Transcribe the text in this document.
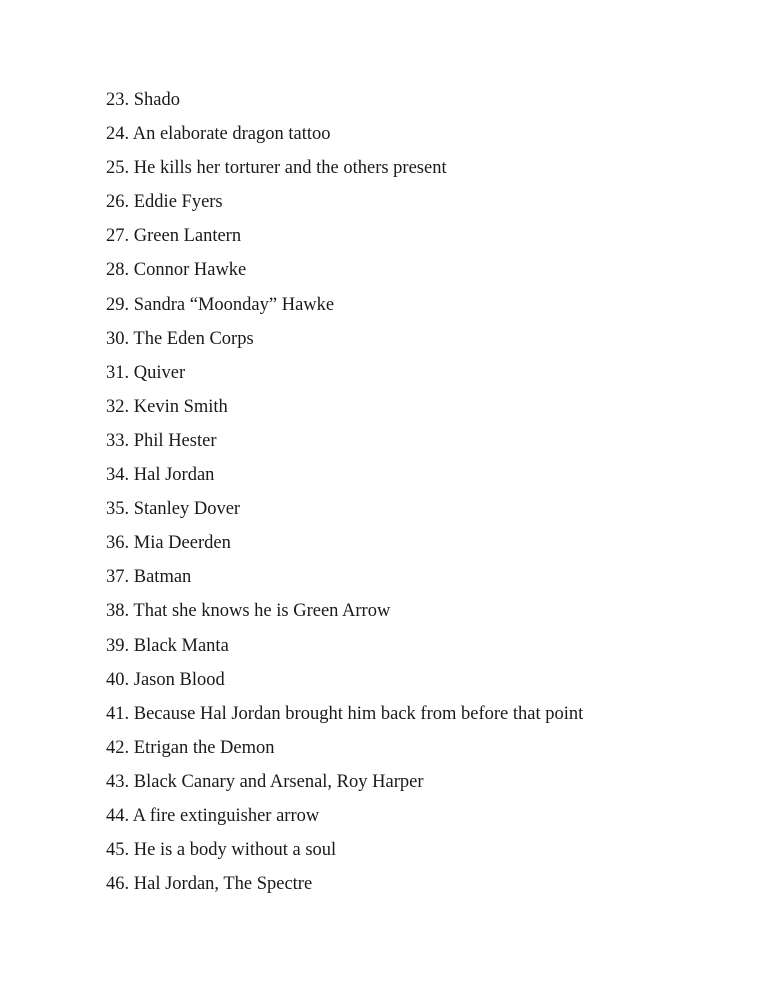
23. Shado
24. An elaborate dragon tattoo
25. He kills her torturer and the others present
26. Eddie Fyers
27. Green Lantern
28. Connor Hawke
29. Sandra “Moonday” Hawke
30. The Eden Corps
31. Quiver
32. Kevin Smith
33. Phil Hester
34. Hal Jordan
35. Stanley Dover
36. Mia Deerden
37. Batman
38. That she knows he is Green Arrow
39. Black Manta
40. Jason Blood
41. Because Hal Jordan brought him back from before that point
42. Etrigan the Demon
43. Black Canary and Arsenal, Roy Harper
44. A fire extinguisher arrow
45. He is a body without a soul
46. Hal Jordan, The Spectre
